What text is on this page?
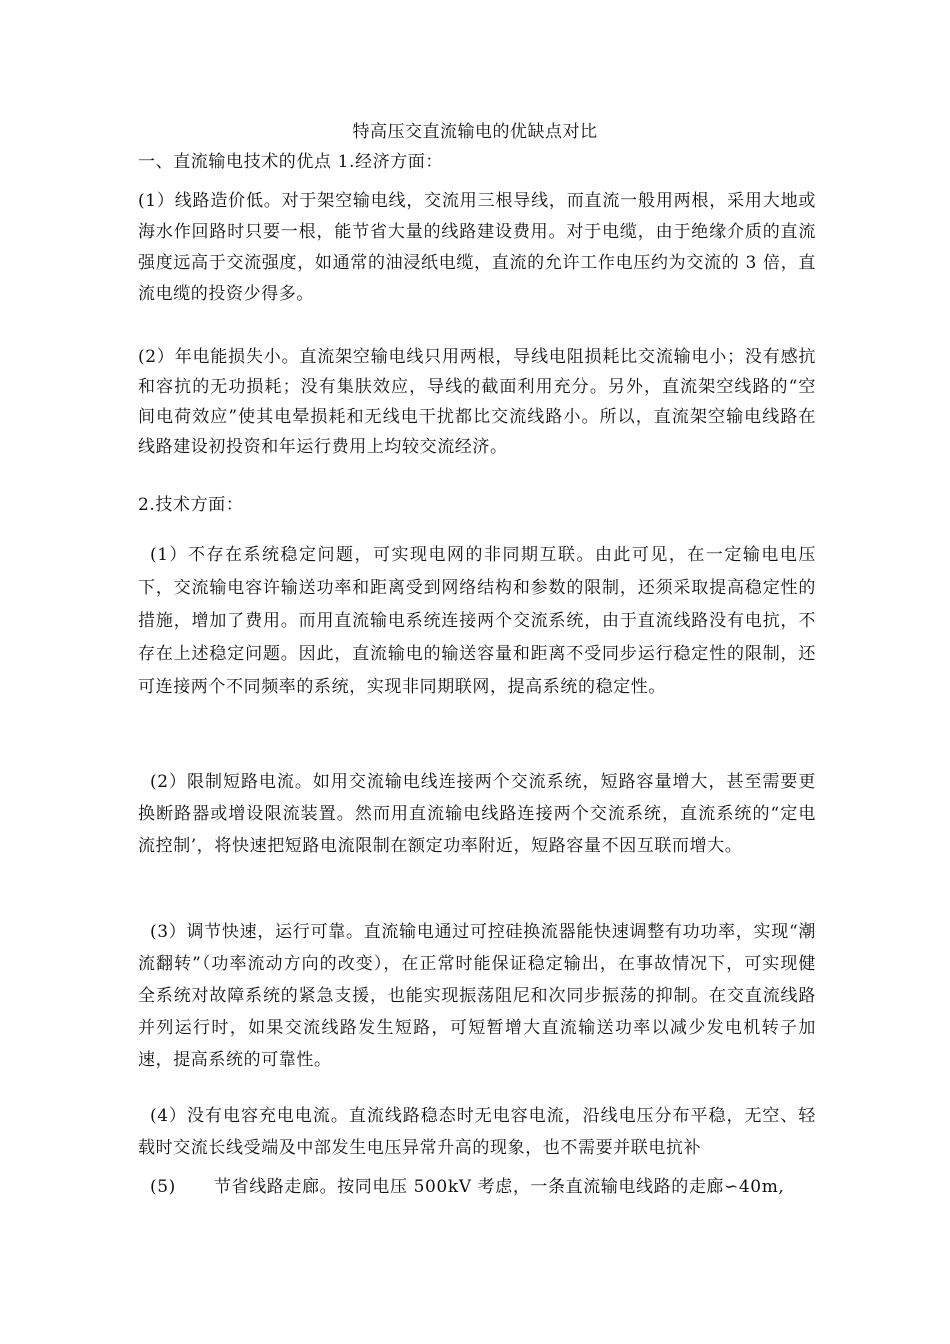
特高压交直流输电的优缺点对比
一、直流输电技术的优点 1.经济方面：
(1）线路造价低。对于架空输电线，交流用三根导线，而直流一般用两根，采用大地或海水作回路时只要一根，能节省大量的线路建设费用。对于电缆，由于绝缘介质的直流强度远高于交流强度，如通常的油浸纸电缆，直流的允许工作电压约为交流的 3 倍，直流电缆的投资少得多。
(2）年电能损失小。直流架空输电线只用两根，导线电阻损耗比交流输电小；没有感抗和容抗的无功损耗；没有集肤效应，导线的截面利用充分。另外，直流架空线路的“空间电荷效应”使其电晕损耗和无线电干扰都比交流线路小。所以，直流架空输电线路在线路建设初投资和年运行费用上均较交流经济。
2.技术方面：
(1）不存在系统稳定问题，可实现电网的非同期互联。由此可见，在一定输电电压下，交流输电容许输送功率和距离受到网络结构和参数的限制，还须采取提高稳定性的措施，增加了费用。而用直流输电系统连接两个交流系统，由于直流线路没有电抗，不存在上述稳定问题。因此，直流输电的输送容量和距离不受同步运行稳定性的限制，还可连接两个不同频率的系统，实现非同期联网，提高系统的稳定性。
(2）限制短路电流。如用交流输电线连接两个交流系统，短路容量增大，甚至需要更换断路器或增设限流装置。然而用直流输电线路连接两个交流系统，直流系统的“定电流控制’，将快速把短路电流限制在额定功率附近，短路容量不因互联而增大。
(3）调节快速，运行可靠。直流输电通过可控硅换流器能快速调整有功功率，实现“潮流翻转”（功率流动方向的改变），在正常时能保证稳定输出，在事故情况下，可实现健全系统对故障系统的紧急支援，也能实现振荡阻尼和次同步振荡的抑制。在交直流线路并列运行时，如果交流线路发生短路，可短暂增大直流输送功率以减少发电机转子加速，提高系统的可靠性。
(4）没有电容充电电流。直流线路稳态时无电容电流，沿线电压分布平稳，无空、轻载时交流长线受端及中部发生电压异常升高的现象，也不需要并联电抗补
(5) 节省线路走廊。按同电压 500kV 考虑，一条直流输电线路的走廊∽40m,
